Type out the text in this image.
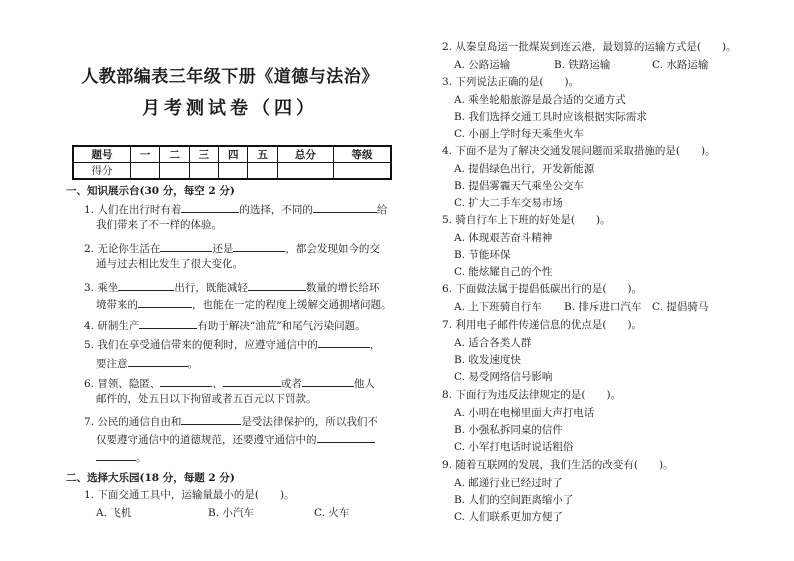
人教部编表三年级下册《道德与法治》
月考测试卷（四）
题号	一	二	三	四	五	总分	等级
得分							
一、知识展示台(30 分，每空 2 分)
1. 人们在出行时有着	的选择，不同的	给
我们带来了不一样的体验。
2. 无论你生活在	还是	，都会发现如今的交
通与过去相比发生了很大变化。
3. 乘坐	出行，既能减轻	数量的增长给环
境带来的	，也能在一定的程度上缓解交通拥堵问题。
4. 研制生产	有助于解决“油荒”和尾气污染问题。
5. 我们在享受通信带来的便利时，应遵守通信中的	，
要注意	。
6. 冒领、隐匿、	、	或者	他人
邮件的，处五日以下拘留或者五百元以下罚款。
7. 公民的通信自由和	是受法律保护的，所以我们不
仅要遵守通信中的道德规范，还要遵守通信中的
。
二、选择大乐园(18 分，每题 2 分)
1. 下面交通工具中，运输量最小的是(　　)。
A. 飞机	B. 小汽车	C. 火车
2. 从秦皇岛运一批煤炭到连云港，最划算的运输方式是(　　)。
A. 公路运输	B. 铁路运输	C. 水路运输
3. 下列说法正确的是(　　)。
A. 乘坐轮船旅游是最合适的交通方式
B. 我们选择交通工具时应该根据实际需求
C. 小丽上学时每天乘坐火车
4. 下面不是为了解决交通发展问题而采取措施的是(　　)。
A. 提倡绿色出行，开发新能源
B. 提倡雾霾天气乘坐公交车
C. 扩大二手车交易市场
5. 骑自行车上下班的好处是(　　)。
A. 体现艰苦奋斗精神
B. 节能环保
C. 能炫耀自己的个性
6. 下面做法属于提倡低碳出行的是(　　)。
A. 上下班骑自行车 B. 排斥进口汽车 C. 提倡骑马
7. 利用电子邮件传递信息的优点是(　　)。
A. 适合各类人群
B. 收发速度快
C. 易受网络信号影响
8. 下面行为违反法律规定的是(　　)。
A. 小明在电梯里面大声打电话
B. 小强私拆同桌的信件
C. 小军打电话时说话粗俗
9. 随着互联网的发展，我们生活的改变有(　　)。
A. 邮递行业已经过时了
B. 人们的空间距离缩小了
C. 人们联系更加方便了
